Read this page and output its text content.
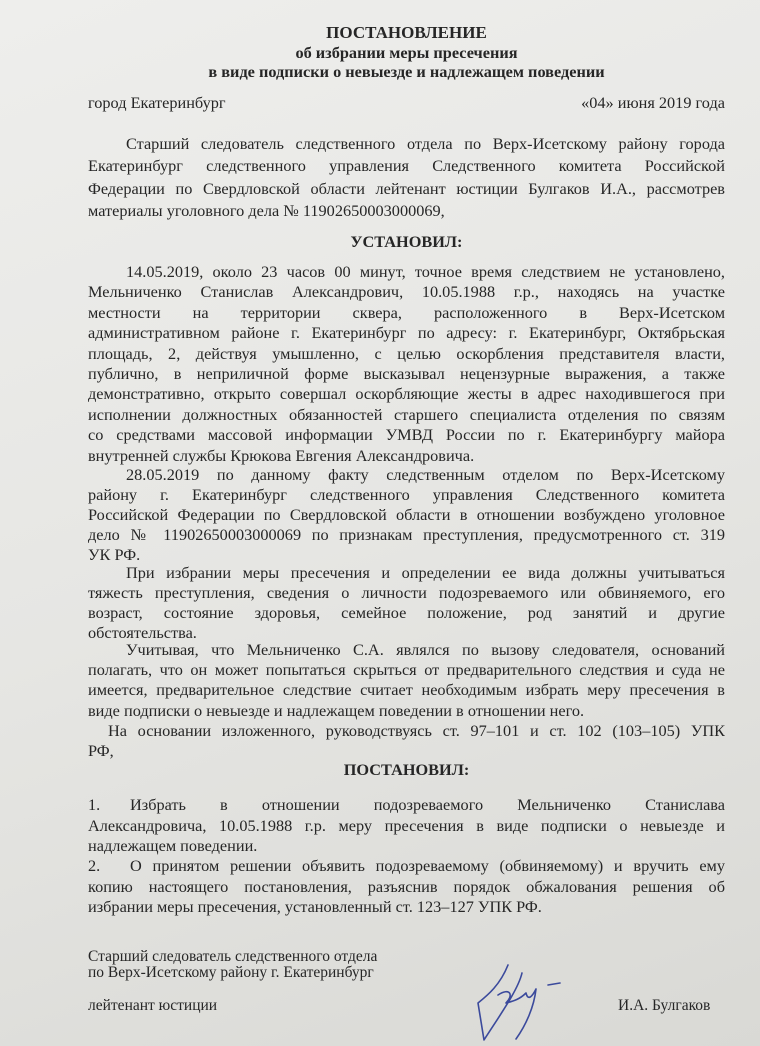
ПОСТАНОВЛЕНИЕ
об избрании меры пресечения
в виде подписки о невыезде и надлежащем поведении
город Екатеринбург	«04» июня 2019 года
Старший следователь следственного отдела по Верх-Исетскому району города
Екатеринбург следственного управления Следственного комитета Российской
Федерации по Свердловской области лейтенант юстиции Булгаков И.А., рассмотрев
материалы уголовного дела № 11902650003000069,
УСТАНОВИЛ:
14.05.2019, около 23 часов 00 минут, точное время следствием не установлено,
Мельниченко Станислав Александрович, 10.05.1988 г.р., находясь на участке
местности на территории сквера, расположенного в Верх-Исетском
административном районе г. Екатеринбург по адресу: г. Екатеринбург, Октябрьская
площадь, 2, действуя умышленно, с целью оскорбления представителя власти,
публично, в неприличной форме высказывал нецензурные выражения, а также
демонстративно, открыто совершал оскорбляющие жесты в адрес находившегося при
исполнении должностных обязанностей старшего специалиста отделения по связям
со средствами массовой информации УМВД России по г. Екатеринбургу майора
внутренней службы Крюкова Евгения Александровича.
28.05.2019 по данному факту следственным отделом по Верх-Исетскому
району г. Екатеринбург следственного управления Следственного комитета
Российской Федерации по Свердловской области в отношении возбуждено уголовное
дело № 11902650003000069 по признакам преступления, предусмотренного ст. 319
УК РФ.
При избрании меры пресечения и определении ее вида должны учитываться
тяжесть преступления, сведения о личности подозреваемого или обвиняемого, его
возраст, состояние здоровья, семейное положение, род занятий и другие
обстоятельства.
Учитывая, что Мельниченко С.А. являлся по вызову следователя, оснований
полагать, что он может попытаться скрыться от предварительного следствия и суда не
имеется, предварительное следствие считает необходимым избрать меру пресечения в
виде подписки о невыезде и надлежащем поведении в отношении него.
На основании изложенного, руководствуясь ст. 97–101 и ст. 102 (103–105) УПК
РФ,
ПОСТАНОВИЛ:
1. Избрать в отношении подозреваемого Мельниченко Станислава
Александровича, 10.05.1988 г.р. меру пресечения в виде подписки о невыезде и
надлежащем поведении.
2. О принятом решении объявить подозреваемому (обвиняемому) и вручить ему
копию настоящего постановления, разъяснив порядок обжалования решения об
избрании меры пресечения, установленный ст. 123–127 УПК РФ.
Старший следователь следственного отдела
по Верх-Исетскому району г. Екатеринбург
лейтенант юстиции	И.А. Булгаков
